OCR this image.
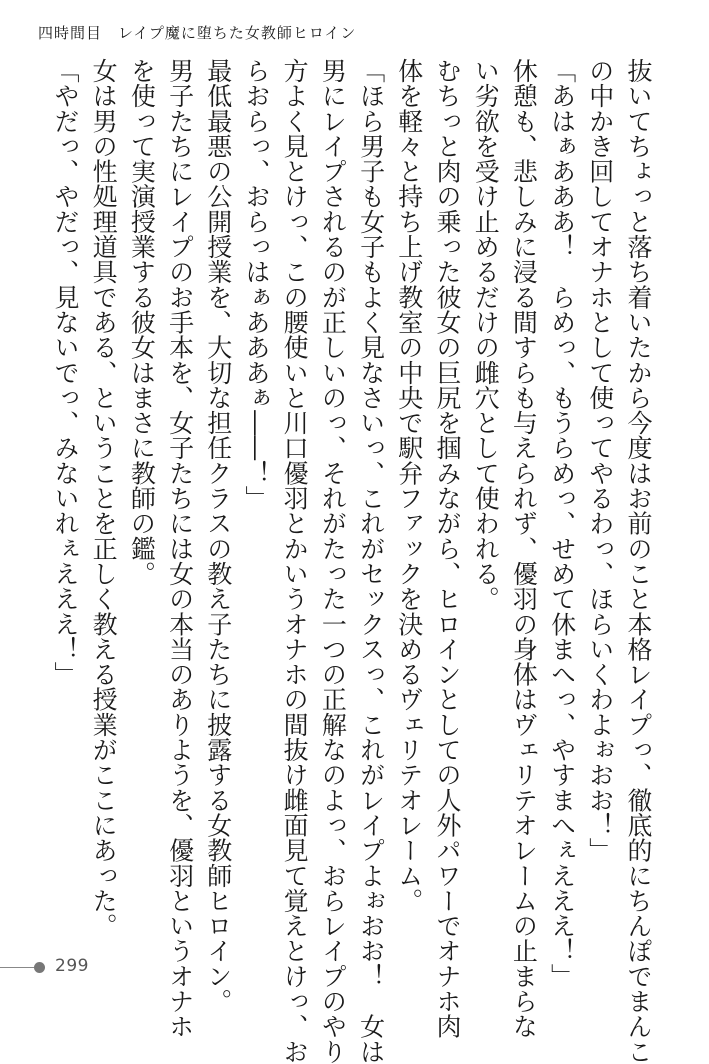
四時間目　 レイプ魔に堕ちた女教師ヒロイン

抜いてちょっと落ち着いたから今度はお前のこと本格レイプっ、徹底的にちんぽでまんこ

の中かき回してオナホとして使ってやるわっ、ほらいくわよぉおお！」

「あはぁあああ！　らめっ、もうらめっ、せめて休まへっ、やすまへぇえええ！」

休憩も、悲しみに浸る間すらも与えられず、優羽の身体はヴェリテオレームの止まらな

い劣欲を受け止めるだけの雌穴として使われる。

むちっと肉の乗った彼女の巨尻を掴みながら、ヒロインとしての人外パワーでオナホ肉

体を軽々と持ち上げ教室の中央で駅弁ファックを決めるヴェリテオレーム。

「ほら男子も女子もよく見なさいっ、これがセックスっ、これがレイプよぉおお！　女は

男にレイプされるのが正しいのっ、それがたった一つの正解なのよっ、おらレイプのやり

方よく見とけっ、この腰使いと川口優羽とかいうオナホの間抜け雌面見て覚えとけっ、お

らおらっ、おらっはぁあああぁ――！」

最低最悪の公開授業を、大切な担任クラスの教え子たちに披露する女教師ヒロイン。

男子たちにレイプのお手本を、女子たちには女の本当のありようを、優羽というオナホ

を使って実演授業する彼女はまさに教師の鑑。

女は男の性処理道具である、ということを正しく教える授業がここにあった。

「やだっ、やだっ、見ないでっ、みないれぇえええ！」

299
